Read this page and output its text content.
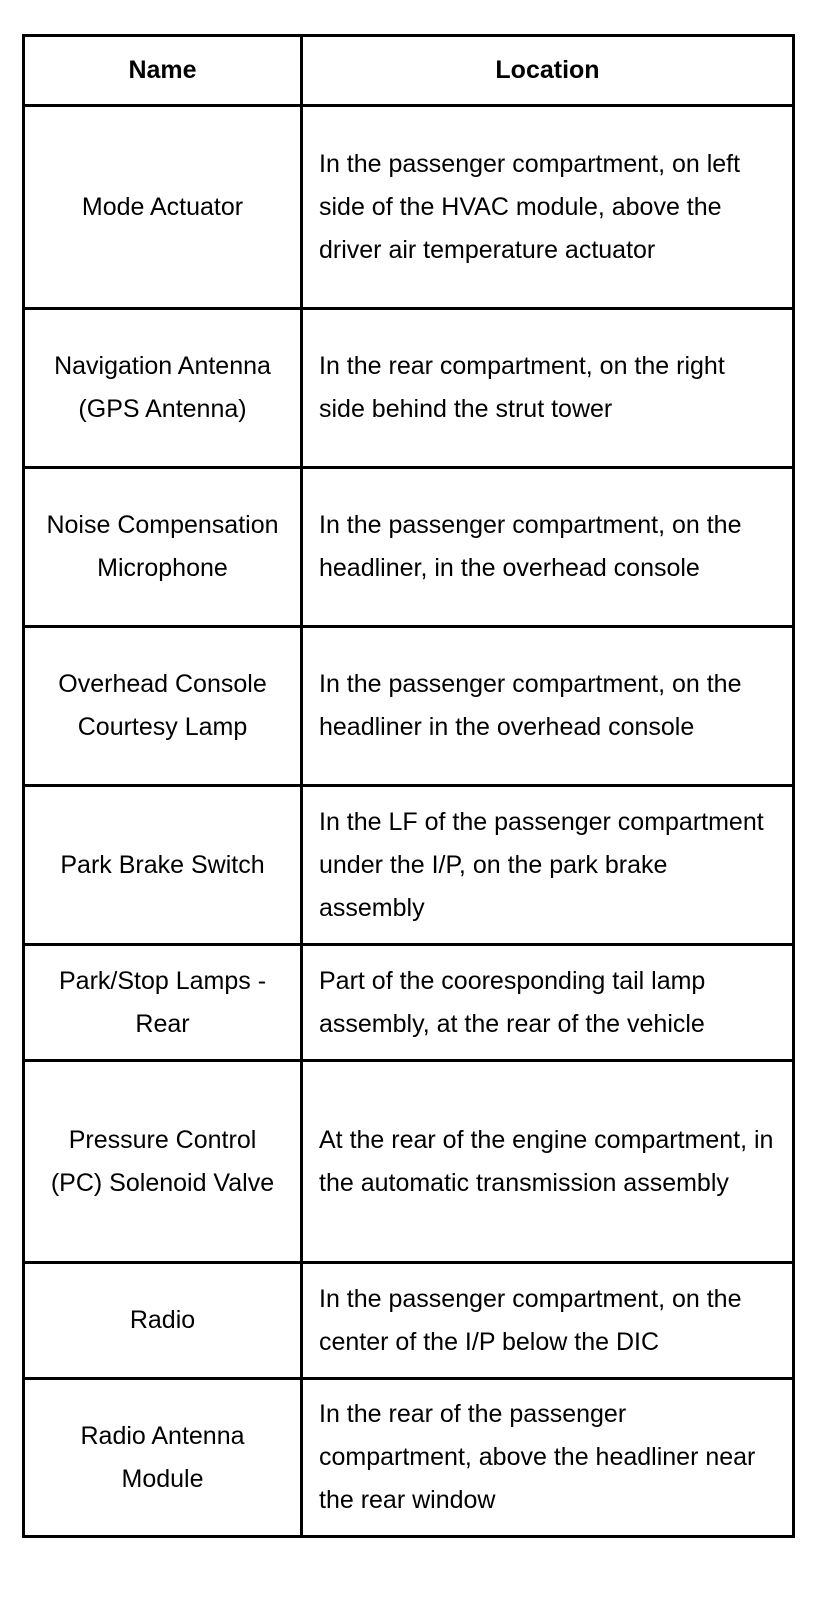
Name	Location
Mode Actuator	In the passenger compartment, on left side of the HVAC module, above the driver air temperature actuator
Navigation Antenna (GPS Antenna)	In the rear compartment, on the right side behind the strut tower
Noise Compensation Microphone	In the passenger compartment, on the headliner, in the overhead console
Overhead Console Courtesy Lamp	In the passenger compartment, on the headliner in the overhead console
Park Brake Switch	In the LF of the passenger compartment under the I/P, on the park brake assembly
Park/Stop Lamps - Rear	Part of the cooresponding tail lamp assembly, at the rear of the vehicle
Pressure Control (PC) Solenoid Valve	At the rear of the engine compartment, in the automatic transmission assembly
Radio	In the passenger compartment, on the center of the I/P below the DIC
Radio Antenna Module	In the rear of the passenger compartment, above the headliner near the rear window
